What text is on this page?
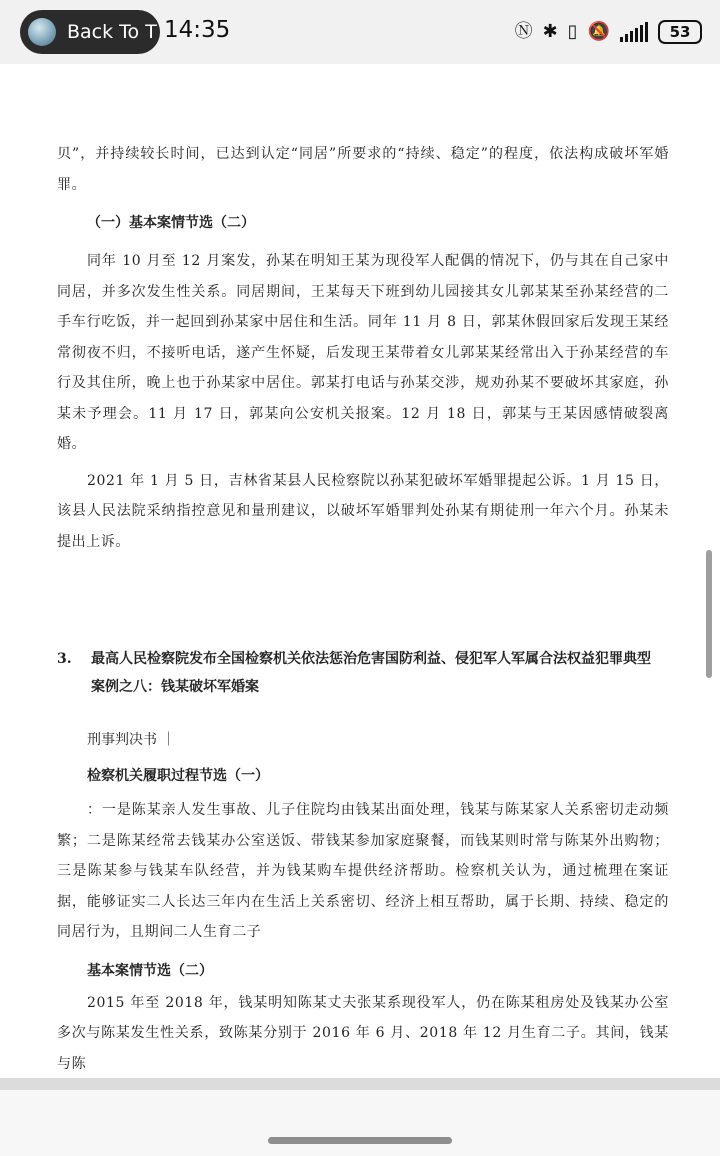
Back To T 14:35	Ⓝ ✱ ▯ 🔕	53

贝”，并持续较长时间，已达到认定“同居”所要求的“持续、稳定”的程度，依法构成破坏军婚罪。

（一）基本案情节选（二）

同年 10 月至 12 月案发，孙某在明知王某为现役军人配偶的情况下，仍与其在自己家中同居，并多次发生性关系。同居期间，王某每天下班到幼儿园接其女儿郭某某至孙某经营的二手车行吃饭，并一起回到孙某家中居住和生活。同年 11 月 8 日，郭某休假回家后发现王某经常彻夜不归，不接听电话，遂产生怀疑，后发现王某带着女儿郭某某经常出入于孙某经营的车行及其住所，晚上也于孙某家中居住。郭某打电话与孙某交涉，规劝孙某不要破坏其家庭，孙某未予理会。11 月 17 日，郭某向公安机关报案。12 月 18 日，郭某与王某因感情破裂离婚。

2021 年 1 月 5 日，吉林省某县人民检察院以孙某犯破坏军婚罪提起公诉。1 月 15 日，该县人民法院采纳指控意见和量刑建议，以破坏军婚罪判处孙某有期徒刑一年六个月。孙某未提出上诉。

3.	最高人民检察院发布全国检察机关依法惩治危害国防利益、侵犯军人军属合法权益犯罪典型案例之八：钱某破坏军婚案
刑事判决书 ｜
检察机关履职过程节选（一）

：一是陈某亲人发生事故、儿子住院均由钱某出面处理，钱某与陈某家人关系密切走动频繁；二是陈某经常去钱某办公室送饭、带钱某参加家庭聚餐，而钱某则时常与陈某外出购物；三是陈某参与钱某车队经营，并为钱某购车提供经济帮助。检察机关认为，通过梳理在案证据，能够证实二人长达三年内在生活上关系密切、经济上相互帮助，属于长期、持续、稳定的同居行为，且期间二人生育二子

基本案情节选（二）

2015 年至 2018 年，钱某明知陈某丈夫张某系现役军人，仍在陈某租房处及钱某办公室多次与陈某发生性关系，致陈某分别于 2016 年 6 月、2018 年 12 月生育二子。其间，钱某与陈
